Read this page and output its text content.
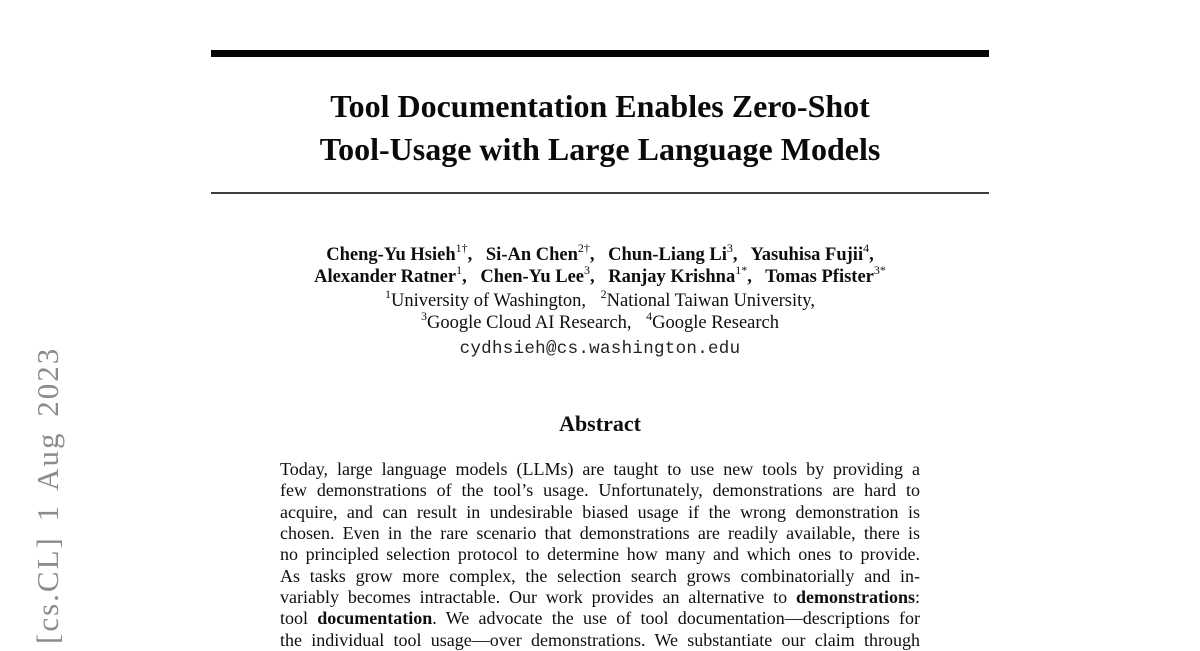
[cs.CL] 1 Aug 2023
Tool Documentation Enables Zero-Shot
Tool-Usage with Large Language Models
Cheng-Yu Hsieh$^{1\dagger}$, Si-An Chen$^{2\dagger}$, Chun-Liang Li$^3$, Yasuhisa Fujii$^4$,
Alexander Ratner$^1$, Chen-Yu Lee$^3$, Ranjay Krishna$^{1*}$, Tomas Pfister$^{3*}$
$^1$University of Washington, $^2$National Taiwan University,
$^3$Google Cloud AI Research, $^4$Google Research
cydhsieh@cs.washington.edu
Abstract
Today, large language models (LLMs) are taught to use new tools by providing a
few demonstrations of the tool’s usage. Unfortunately, demonstrations are hard to
acquire, and can result in undesirable biased usage if the wrong demonstration is
chosen. Even in the rare scenario that demonstrations are readily available, there is
no principled selection protocol to determine how many and which ones to provide.
As tasks grow more complex, the selection search grows combinatorially and in-
variably becomes intractable. Our work provides an alternative to demonstrations:
tool documentation. We advocate the use of tool documentation—descriptions for
the individual tool usage—over demonstrations. We substantiate our claim through
